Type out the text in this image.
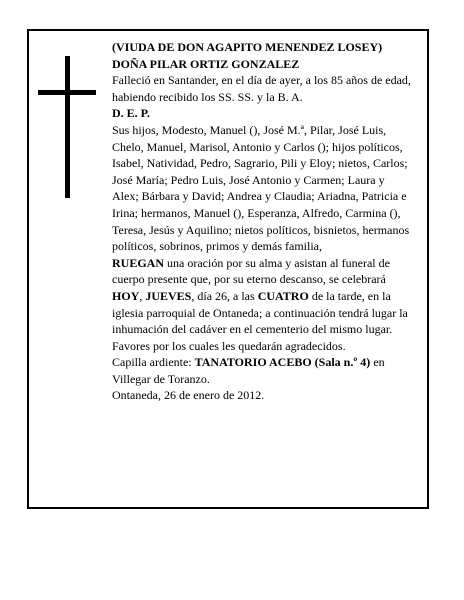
(VIUDA DE DON AGAPITO MENENDEZ LOSEY)

DOÑA PILAR ORTIZ GONZALEZ

Falleció en Santander, en el día de ayer, a los 85 años de edad, habiendo recibido los SS. SS. y la B. A.

D. E. P.

Sus hijos, Modesto, Manuel (), José M.ª, Pilar, José Luis, Chelo, Manuel, Marisol, Antonio y Carlos (); hijos políticos, Isabel, Natividad, Pedro, Sagrario, Pili y Eloy; nietos, Carlos; José María; Pedro Luis, José Antonio y Carmen; Laura y Alex; Bárbara y David; Andrea y Claudia; Ariadna, Patricia e Irina; hermanos, Manuel (), Esperanza, Alfredo, Carmina (), Teresa, Jesús y Aquilino; nietos políticos, bisnietos, hermanos políticos, sobrinos, primos y demás familia,

RUEGAN una oración por su alma y asistan al funeral de cuerpo presente que, por su eterno descanso, se celebrará HOY, JUEVES, día 26, a las CUATRO de la tarde, en la iglesia parroquial de Ontaneda; a continuación tendrá lugar la inhumación del cadáver en el cementerio del mismo lugar. Favores por los cuales les quedarán agradecidos.

Capilla ardiente: TANATORIO ACEBO (Sala n.º 4) en Villegar de Toranzo.

Ontaneda, 26 de enero de 2012.
